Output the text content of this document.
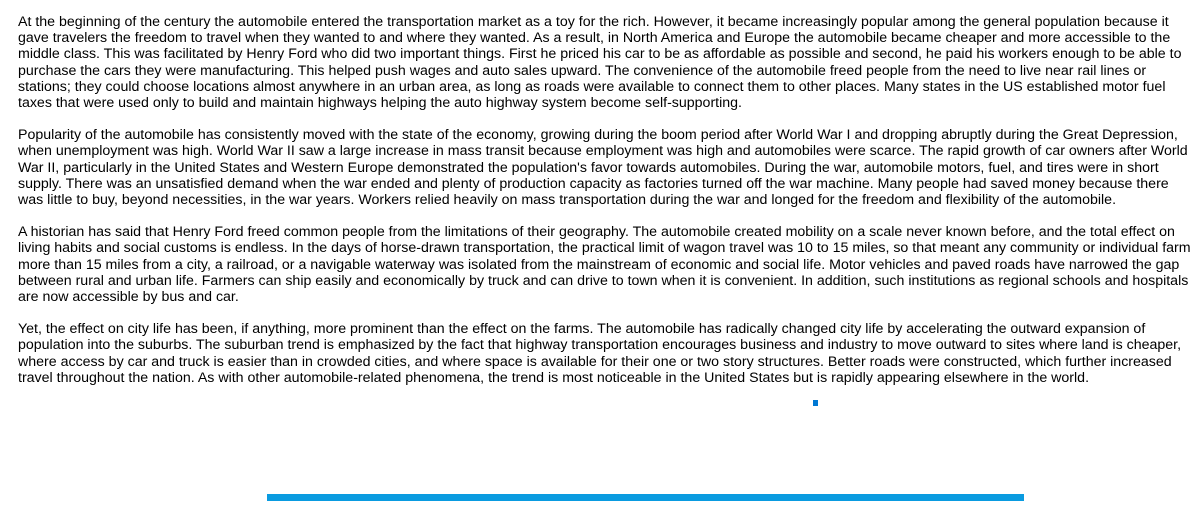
At the beginning of the century the automobile entered the transportation market as a toy for the rich. However, it became increasingly popular among the general population because it gave travelers the freedom to travel when they wanted to and where they wanted. As a result, in North America and Europe the automobile became cheaper and more accessible to the middle class. This was facilitated by Henry Ford who did two important things. First he priced his car to be as affordable as possible and second, he paid his workers enough to be able to purchase the cars they were manufacturing. This helped push wages and auto sales upward. The convenience of the automobile freed people from the need to live near rail lines or stations; they could choose locations almost anywhere in an urban area, as long as roads were available to connect them to other places. Many states in the US established motor fuel taxes that were used only to build and maintain highways helping the auto highway system become self-supporting.

Popularity of the automobile has consistently moved with the state of the economy, growing during the boom period after World War I and dropping abruptly during the Great Depression, when unemployment was high. World War II saw a large increase in mass transit because employment was high and automobiles were scarce. The rapid growth of car owners after World War II, particularly in the United States and Western Europe demonstrated the population's favor towards automobiles. During the war, automobile motors, fuel, and tires were in short supply. There was an unsatisfied demand when the war ended and plenty of production capacity as factories turned off the war machine. Many people had saved money because there was little to buy, beyond necessities, in the war years. Workers relied heavily on mass transportation during the war and longed for the freedom and flexibility of the automobile.

A historian has said that Henry Ford freed common people from the limitations of their geography. The automobile created mobility on a scale never known before, and the total effect on living habits and social customs is endless. In the days of horse-drawn transportation, the practical limit of wagon travel was 10 to 15 miles, so that meant any community or individual farm more than 15 miles from a city, a railroad, or a navigable waterway was isolated from the mainstream of economic and social life. Motor vehicles and paved roads have narrowed the gap between rural and urban life. Farmers can ship easily and economically by truck and can drive to town when it is convenient. In addition, such institutions as regional schools and hospitals are now accessible by bus and car.

Yet, the effect on city life has been, if anything, more prominent than the effect on the farms. The automobile has radically changed city life by accelerating the outward expansion of population into the suburbs. The suburban trend is emphasized by the fact that highway transportation encourages business and industry to move outward to sites where land is cheaper, where access by car and truck is easier than in crowded cities, and where space is available for their one or two story structures. Better roads were constructed, which further increased travel throughout the nation. As with other automobile-related phenomena, the trend is most noticeable in the United States but is rapidly appearing elsewhere in the world.
